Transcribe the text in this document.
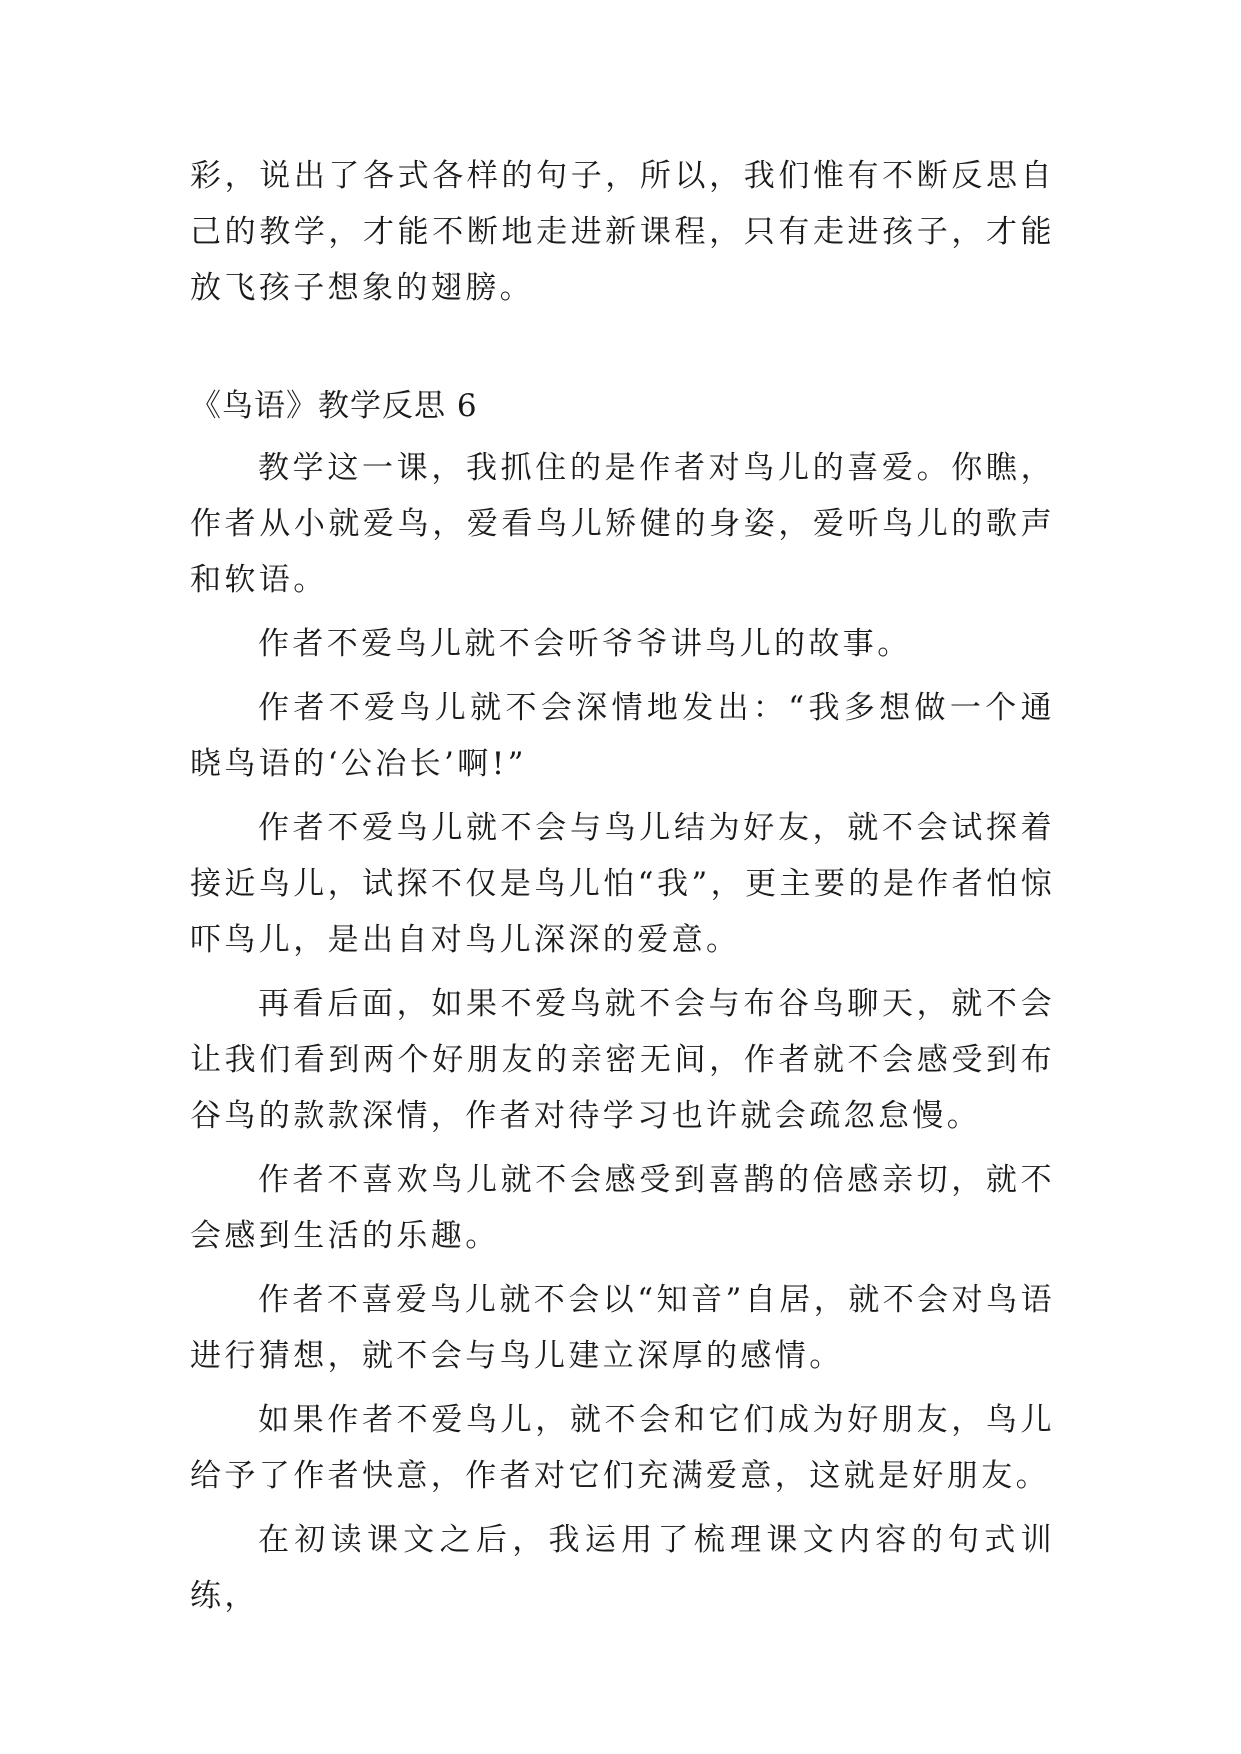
彩，说出了各式各样的句子，所以，我们惟有不断反思自己的教学，才能不断地走进新课程，只有走进孩子，才能放飞孩子想象的翅膀。

《鸟语》教学反思 6

教学这一课，我抓住的是作者对鸟儿的喜爱。你瞧，作者从小就爱鸟，爱看鸟儿矫健的身姿，爱听鸟儿的歌声和软语。

作者不爱鸟儿就不会听爷爷讲鸟儿的故事。

作者不爱鸟儿就不会深情地发出：“我多想做一个通晓鸟语的‘公冶长’啊!”

作者不爱鸟儿就不会与鸟儿结为好友，就不会试探着接近鸟儿，试探不仅是鸟儿怕“我”，更主要的是作者怕惊吓鸟儿，是出自对鸟儿深深的爱意。

再看后面，如果不爱鸟就不会与布谷鸟聊天，就不会让我们看到两个好朋友的亲密无间，作者就不会感受到布谷鸟的款款深情，作者对待学习也许就会疏忽怠慢。

作者不喜欢鸟儿就不会感受到喜鹊的倍感亲切，就不会感到生活的乐趣。

作者不喜爱鸟儿就不会以“知音”自居，就不会对鸟语进行猜想，就不会与鸟儿建立深厚的感情。

如果作者不爱鸟儿，就不会和它们成为好朋友，鸟儿给予了作者快意，作者对它们充满爱意，这就是好朋友。

在初读课文之后，我运用了梳理课文内容的句式训练，
